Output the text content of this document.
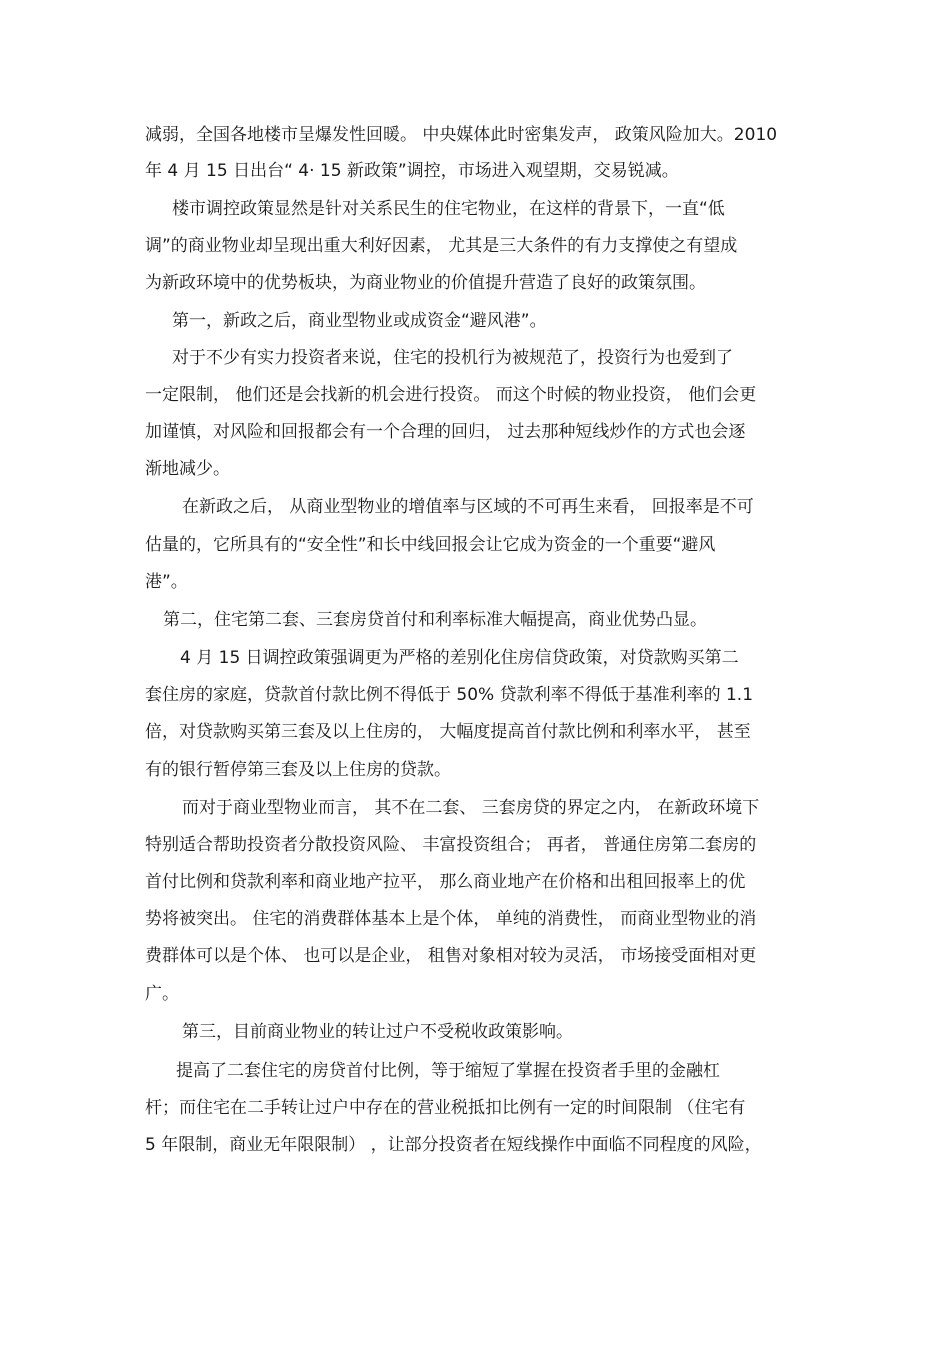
减弱，全国各地楼市呈爆发性回暖。 中央媒体此时密集发声， 政策风险加大。2010
年 4 月 15 日出台“ 4· 15 新政策”调控，市场进入观望期，交易锐减。
楼市调控政策显然是针对关系民生的住宅物业，在这样的背景下，一直“低
调”的商业物业却呈现出重大利好因素， 尤其是三大条件的有力支撑使之有望成
为新政环境中的优势板块，为商业物业的价值提升营造了良好的政策氛围。
第一，新政之后，商业型物业或成资金“避风港”。
对于不少有实力投资者来说，住宅的投机行为被规范了，投资行为也爱到了
一定限制， 他们还是会找新的机会进行投资。 而这个时候的物业投资， 他们会更
加谨慎，对风险和回报都会有一个合理的回归， 过去那种短线炒作的方式也会逐
渐地减少。
在新政之后， 从商业型物业的增值率与区域的不可再生来看， 回报率是不可
估量的，它所具有的“安全性”和长中线回报会让它成为资金的一个重要“避风
港”。
第二，住宅第二套、三套房贷首付和利率标准大幅提高，商业优势凸显。
4 月 15 日调控政策强调更为严格的差别化住房信贷政策，对贷款购买第二
套住房的家庭，贷款首付款比例不得低于 50% 贷款利率不得低于基准利率的 1.1
倍，对贷款购买第三套及以上住房的， 大幅度提高首付款比例和利率水平， 甚至
有的银行暂停第三套及以上住房的贷款。
而对于商业型物业而言， 其不在二套、 三套房贷的界定之内， 在新政环境下
特别适合帮助投资者分散投资风险、 丰富投资组合； 再者， 普通住房第二套房的
首付比例和贷款利率和商业地产拉平， 那么商业地产在价格和出租回报率上的优
势将被突出。 住宅的消费群体基本上是个体， 单纯的消费性， 而商业型物业的消
费群体可以是个体、 也可以是企业， 租售对象相对较为灵活， 市场接受面相对更
广。
第三，目前商业物业的转让过户不受税收政策影响。
提高了二套住宅的房贷首付比例，等于缩短了掌握在投资者手里的金融杠
杆；而住宅在二手转让过户中存在的营业税抵扣比例有一定的时间限制 （住宅有
5 年限制，商业无年限限制） ，让部分投资者在短线操作中面临不同程度的风险，
